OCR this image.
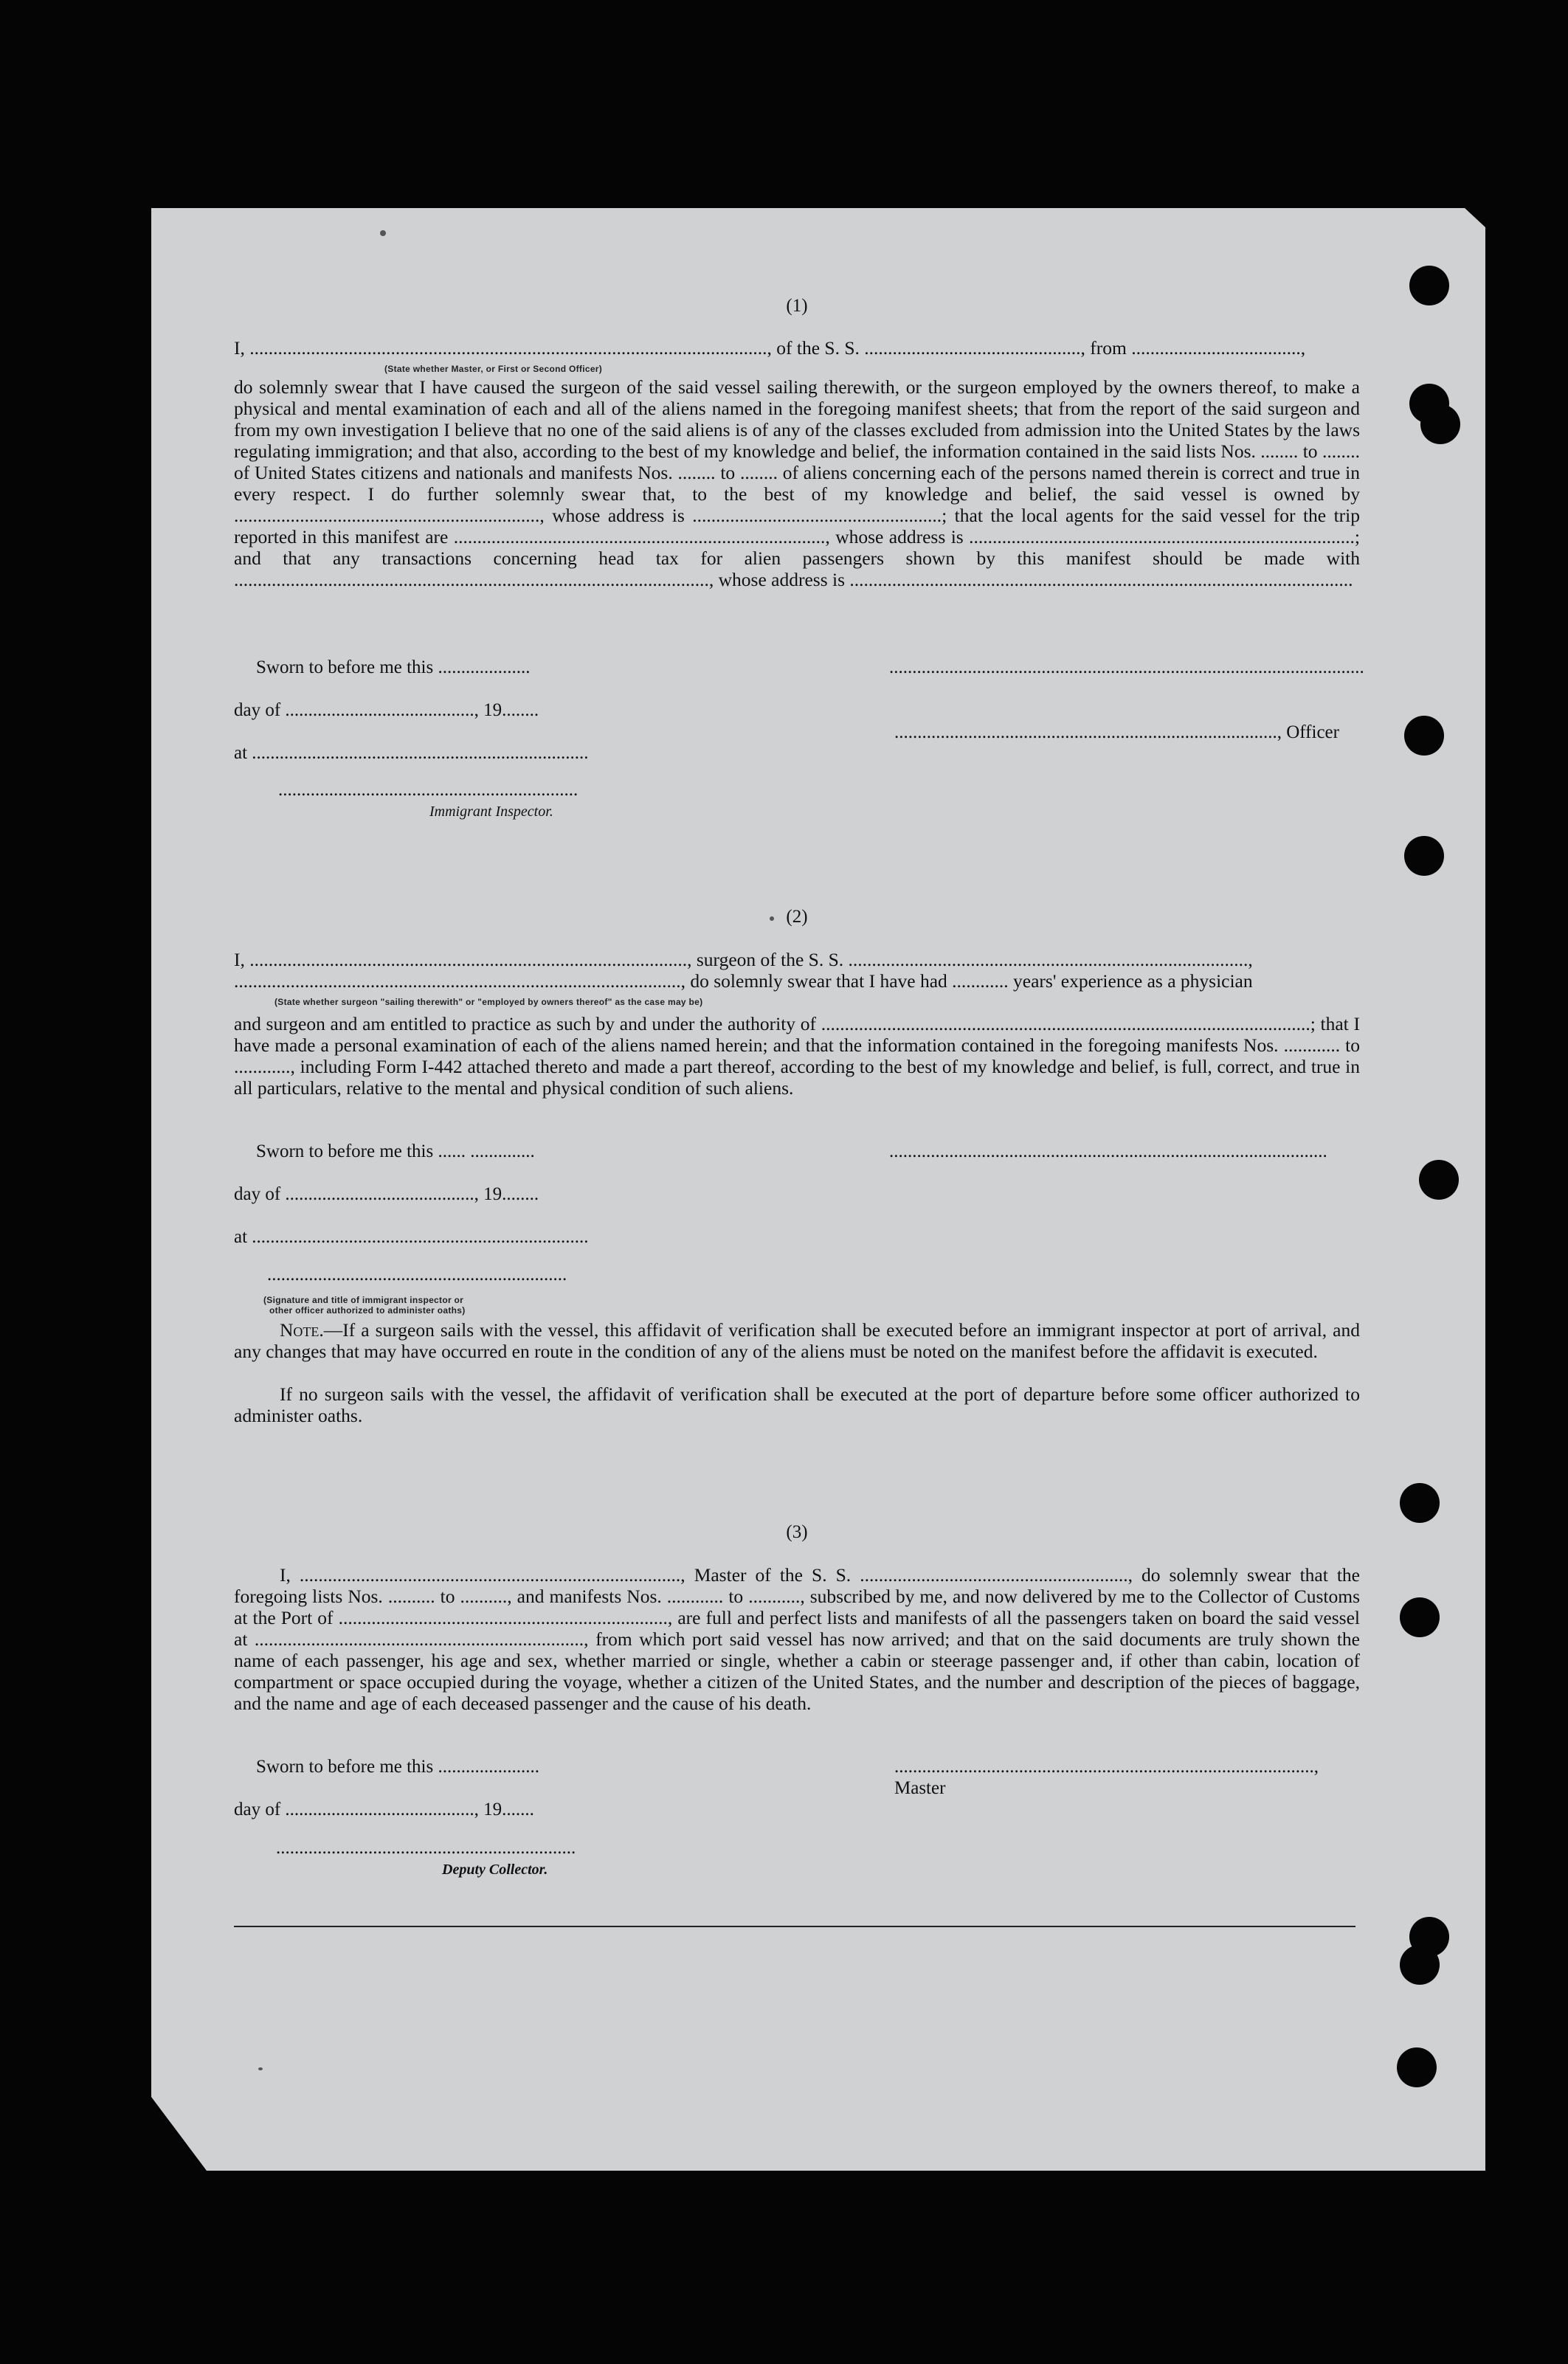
(1)
I, .............................................................................................................., of the S. S. .............................................., from ....................................,
(State whether Master, or First or Second Officer)
do solemnly swear that I have caused the surgeon of the said vessel sailing therewith, or the surgeon employed by the owners thereof, to make a physical and mental examination of each and all of the aliens named in the foregoing manifest sheets; that from the report of the said surgeon and from my own investigation I believe that no one of the said aliens is of any of the classes excluded from admission into the United States by the laws regulating immigration; and that also, according to the best of my knowledge and belief, the information contained in the said lists Nos. ........ to ........ of United States citizens and nationals and manifests Nos. ........ to ........ of aliens concerning each of the persons named therein is correct and true in every respect. I do further solemnly swear that, to the best of my knowledge and belief, the said vessel is owned by ................................................................., whose address is .....................................................; that the local agents for the said vessel for the trip reported in this manifest are ..............................................................................., whose address is ..................................................................................; and that any transactions concerning head tax for alien passengers shown by this manifest should be made with ....................................................................................................., whose address is ...........................................................................................................
Sworn to before me this ....................
day of ........................................., 19........
at .........................................................................
.................................................................
Immigrant Inspector.
.......................................................................................................
..................................................................................., Officer
(2)
I, ............................................................................................., surgeon of the S. S. .....................................................................................,
..............................................................................................., do solemnly swear that I have had ............ years' experience as a physician
(State whether surgeon "sailing therewith" or "employed by owners thereof" as the case may be)
and surgeon and am entitled to practice as such by and under the authority of ........................................................................................................; that I have made a personal examination of each of the aliens named herein; and that the information contained in the foregoing manifests Nos. ............ to ............, including Form I-442 attached thereto and made a part thereof, according to the best of my knowledge and belief, is full, correct, and true in all particulars, relative to the mental and physical condition of such aliens.
Sworn to before me this ...... ..............	...............................................................................................
day of ........................................., 19........
at .........................................................................
.................................................................
(Signature and title of immigrant inspector or
other officer authorized to administer oaths)
Note.—If a surgeon sails with the vessel, this affidavit of verification shall be executed before an immigrant inspector at port of arrival, and any changes that may have occurred en route in the condition of any of the aliens must be noted on the manifest before the affidavit is executed.
If no surgeon sails with the vessel, the affidavit of verification shall be executed at the port of departure before some officer authorized to administer oaths.
(3)
I, ................................................................................., Master of the S. S. ........................................................., do solemnly swear that the foregoing lists Nos. .......... to .........., and manifests Nos. ............ to ..........., subscribed by me, and now delivered by me to the Collector of Customs at the Port of ......................................................................, are full and perfect lists and manifests of all the passengers taken on board the said vessel at ......................................................................, from which port said vessel has now arrived; and that on the said documents are truly shown the name of each passenger, his age and sex, whether married or single, whether a cabin or steerage passenger and, if other than cabin, location of compartment or space occupied during the voyage, whether a citizen of the United States, and the number and description of the pieces of baggage, and the name and age of each deceased passenger and the cause of his death.
Sworn to before me this ......................	..........................................................................................., Master
day of ........................................., 19.......
.................................................................
Deputy Collector.
